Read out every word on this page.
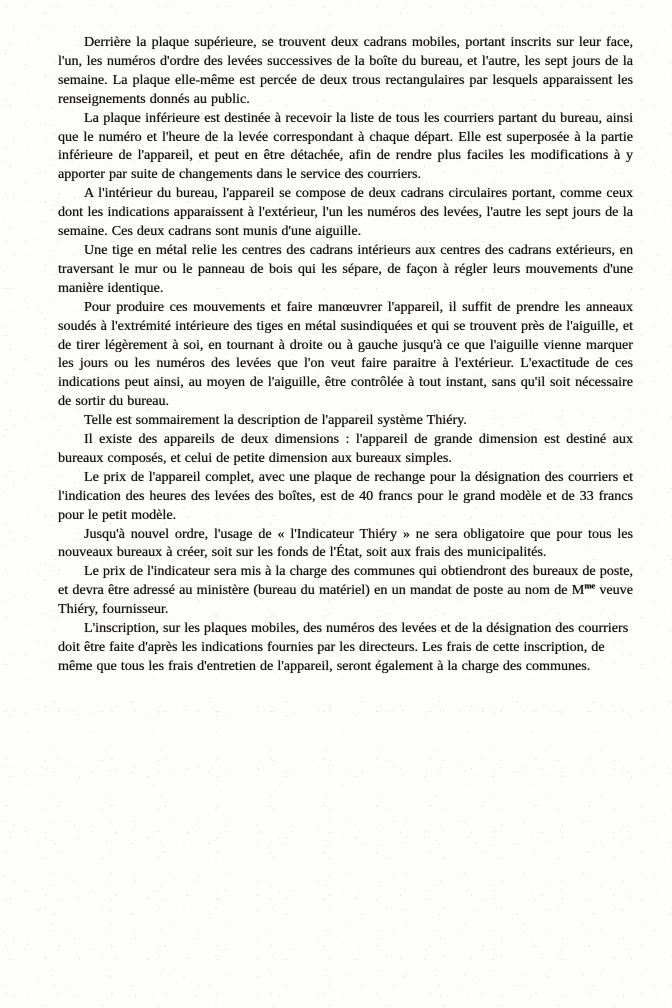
Derrière la plaque supérieure, se trouvent deux cadrans mobiles, portant inscrits sur leur face, l'un, les numéros d'ordre des levées successives de la boîte du bureau, et l'autre, les sept jours de la semaine. La plaque elle-même est percée de deux trous rectangulaires par lesquels apparaissent les renseignements donnés au public.

La plaque inférieure est destinée à recevoir la liste de tous les courriers partant du bureau, ainsi que le numéro et l'heure de la levée correspondant à chaque départ. Elle est superposée à la partie inférieure de l'appareil, et peut en être détachée, afin de rendre plus faciles les modifications à y apporter par suite de changements dans le service des courriers.

A l'intérieur du bureau, l'appareil se compose de deux cadrans circulaires portant, comme ceux dont les indications apparaissent à l'extérieur, l'un les numéros des levées, l'autre les sept jours de la semaine. Ces deux cadrans sont munis d'une aiguille.

Une tige en métal relie les centres des cadrans intérieurs aux centres des cadrans extérieurs, en traversant le mur ou le panneau de bois qui les sépare, de façon à régler leurs mouvements d'une manière identique.

Pour produire ces mouvements et faire manœuvrer l'appareil, il suffit de prendre les anneaux soudés à l'extrémité intérieure des tiges en métal susindiquées et qui se trouvent près de l'aiguille, et de tirer légèrement à soi, en tournant à droite ou à gauche jusqu'à ce que l'aiguille vienne marquer les jours ou les numéros des levées que l'on veut faire paraitre à l'extérieur. L'exactitude de ces indications peut ainsi, au moyen de l'aiguille, être contrôlée à tout instant, sans qu'il soit nécessaire de sortir du bureau.

Telle est sommairement la description de l'appareil système Thiéry.

Il existe des appareils de deux dimensions : l'appareil de grande dimension est destiné aux bureaux composés, et celui de petite dimension aux bureaux simples.

Le prix de l'appareil complet, avec une plaque de rechange pour la désignation des courriers et l'indication des heures des levées des boîtes, est de 40 francs pour le grand modèle et de 33 francs pour le petit modèle.

Jusqu'à nouvel ordre, l'usage de « l'Indicateur Thiéry » ne sera obligatoire que pour tous les nouveaux bureaux à créer, soit sur les fonds de l'État, soit aux frais des municipalités.

Le prix de l'indicateur sera mis à la charge des communes qui obtiendront des bureaux de poste, et devra être adressé au ministère (bureau du matériel) en un mandat de poste au nom de $M^{me}$ veuve Thiéry, fournisseur.

L'inscription, sur les plaques mobiles, des numéros des levées et de la désignation des courriers doit être faite d'après les indications fournies par les directeurs. Les frais de cette inscription, de même que tous les frais d'entretien de l'appareil, seront également à la charge des communes.
